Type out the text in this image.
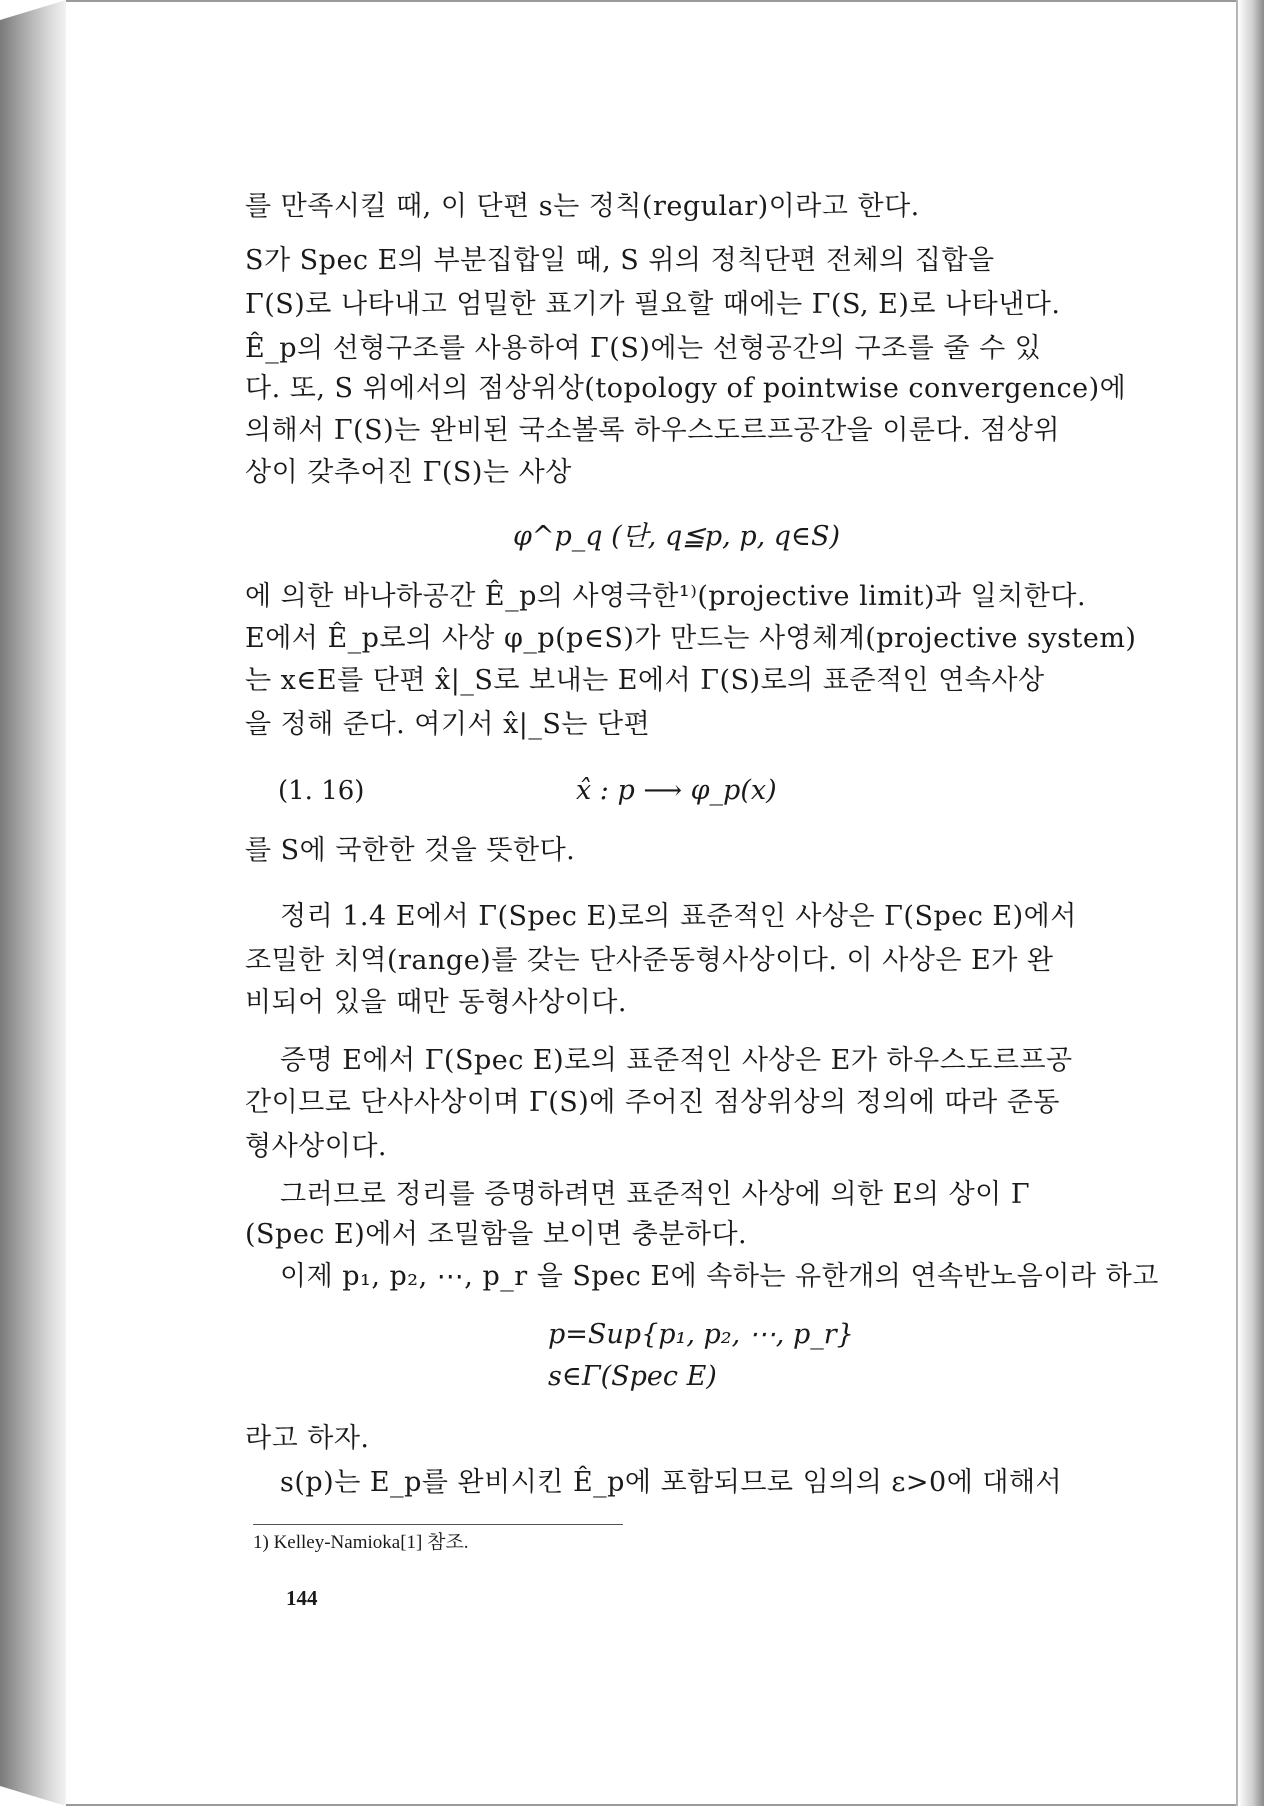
를 만족시킬 때, 이 단편 s는 정칙(regular)이라고 한다.
S가 Spec E의 부분집합일 때, S 위의 정칙단편 전체의 집합을
Γ(S)로 나타내고 엄밀한 표기가 필요할 때에는 Γ(S, E)로 나타낸다.
Ê_p의 선형구조를 사용하여 Γ(S)에는 선형공간의 구조를 줄 수 있
다. 또, S 위에서의 점상위상(topology of pointwise convergence)에
의해서 Γ(S)는 완비된 국소볼록 하우스도르프공간을 이룬다. 점상위
상이 갖추어진 Γ(S)는 사상
φ^p_q (단, q≦p, p, q∈S)
에 의한 바나하공간 Ê_p의 사영극한¹⁾(projective limit)과 일치한다.
E에서 Ê_p로의 사상 φ_p(p∈S)가 만드는 사영체계(projective system)
는 x∈E를 단편 x̂|_S로 보내는 E에서 Γ(S)로의 표준적인 연속사상
을 정해 준다. 여기서 x̂|_S는 단편
(1. 16)	x̂ : p ⟶ φ_p(x)
를 S에 국한한 것을 뜻한다.
정리 1.4 E에서 Γ(Spec E)로의 표준적인 사상은 Γ(Spec E)에서
조밀한 치역(range)를 갖는 단사준동형사상이다. 이 사상은 E가 완
비되어 있을 때만 동형사상이다.
증명 E에서 Γ(Spec E)로의 표준적인 사상은 E가 하우스도르프공
간이므로 단사사상이며 Γ(S)에 주어진 점상위상의 정의에 따라 준동
형사상이다.
그러므로 정리를 증명하려면 표준적인 사상에 의한 E의 상이 Γ
(Spec E)에서 조밀함을 보이면 충분하다.
이제 p₁, p₂, ⋯, p_r 을 Spec E에 속하는 유한개의 연속반노음이라 하고
p=Sup{p₁, p₂, ⋯, p_r}
s∈Γ(Spec E)
라고 하자.
s(p)는 E_p를 완비시킨 Ê_p에 포함되므로 임의의 ε>0에 대해서
1) Kelley-Namioka[1] 참조.
144
